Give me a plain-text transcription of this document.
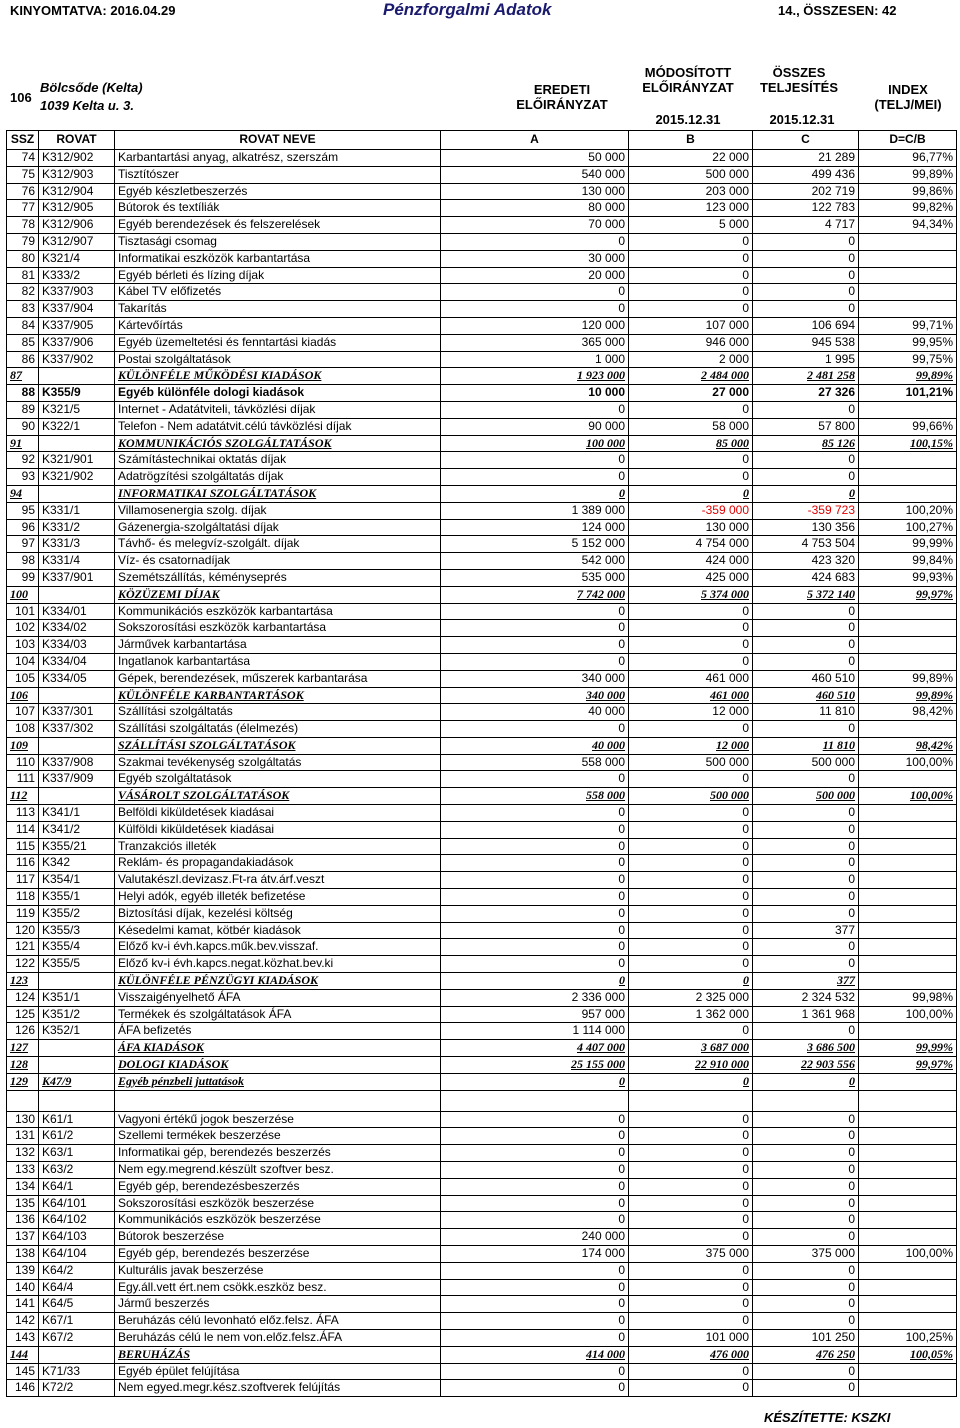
KINYOMTATVA: 2016.04.29	Pénzforgalmi Adatok	14., ÖSSZESEN: 42
106
Bölcsőde (Kelta)
1039 Kelta u. 3.
EREDETI ELŐIRÁNYZAT
MÓDOSÍTOTT ELŐIRÁNYZAT
2015.12.31
ÖSSZES TELJESÍTÉS
2015.12.31
INDEX (TELJ/MEI)
SSZ	ROVAT	ROVAT NEVE	A	B	C	D=C/B
74	K312/902	Karbantartási anyag, alkatrész, szerszám	50 000	22 000	21 289	96,77%
75	K312/903	Tisztítószer	540 000	500 000	499 436	99,89%
76	K312/904	Egyéb készletbeszerzés	130 000	203 000	202 719	99,86%
77	K312/905	Bútorok és textíliák	80 000	123 000	122 783	99,82%
78	K312/906	Egyéb berendezések és felszerelések	70 000	5 000	4 717	94,34%
79	K312/907	Tisztasági csomag	0	0	0	
80	K321/4	Informatikai eszközök karbantartása	30 000	0	0	
81	K333/2	Egyéb bérleti és lízing díjak	20 000	0	0	
82	K337/903	Kábel TV előfizetés	0	0	0	
83	K337/904	Takarítás	0	0	0	
84	K337/905	Kártevőírtás	120 000	107 000	106 694	99,71%
85	K337/906	Egyéb üzemeltetési és fenntartási kiadás	365 000	946 000	945 538	99,95%
86	K337/902	Postai szolgáltatások	1 000	2 000	1 995	99,75%
87		KÜLÖNFÉLE MŰKÖDÉSI KIADÁSOK	1 923 000	2 484 000	2 481 258	99,89%
88	K355/9	Egyéb különféle dologi kiadások	10 000	27 000	27 326	101,21%
89	K321/5	Internet - Adatátviteli, távközlési díjak	0	0	0	
90	K322/1	Telefon - Nem adatátvit.célú távközlési díjak	90 000	58 000	57 800	99,66%
91		KOMMUNIKÁCIÓS SZOLGÁLTATÁSOK	100 000	85 000	85 126	100,15%
92	K321/901	Számítástechnikai oktatás díjak	0	0	0	
93	K321/902	Adatrögzítési szolgáltatás díjak	0	0	0	
94		INFORMATIKAI SZOLGÁLTATÁSOK	0	0	0	
95	K331/1	Villamosenergia szolg. díjak	1 389 000	-359 000	-359 723	100,20%
96	K331/2	Gázenergia-szolgáltatási díjak	124 000	130 000	130 356	100,27%
97	K331/3	Távhő- és melegvíz-szolgált. díjak	5 152 000	4 754 000	4 753 504	99,99%
98	K331/4	Víz- és csatornadíjak	542 000	424 000	423 320	99,84%
99	K337/901	Szemétszállítás, kéményseprés	535 000	425 000	424 683	99,93%
100		KÖZÜZEMI DÍJAK	7 742 000	5 374 000	5 372 140	99,97%
101	K334/01	Kommunikációs eszközök karbantartása	0	0	0	
102	K334/02	Sokszorosítási eszközök karbantartása	0	0	0	
103	K334/03	Járművek karbantartása	0	0	0	
104	K334/04	Ingatlanok karbantartása	0	0	0	
105	K334/05	Gépek, berendezések, műszerek karbantarása	340 000	461 000	460 510	99,89%
106		KÜLÖNFÉLE KARBANTARTÁSOK	340 000	461 000	460 510	99,89%
107	K337/301	Szállítási szolgáltatás	40 000	12 000	11 810	98,42%
108	K337/302	Szállítási szolgáltatás (élelmezés)	0	0	0	
109		SZÁLLÍTÁSI SZOLGÁLTATÁSOK	40 000	12 000	11 810	98,42%
110	K337/908	Szakmai tevékenység szolgáltatás	558 000	500 000	500 000	100,00%
111	K337/909	Egyéb szolgáltatások	0	0	0	
112		VÁSÁROLT SZOLGÁLTATÁSOK	558 000	500 000	500 000	100,00%
113	K341/1	Belföldi kiküldetések kiadásai	0	0	0	
114	K341/2	Külföldi kiküldetések kiadásai	0	0	0	
115	K355/21	Tranzakciós illeték	0	0	0	
116	K342	Reklám- és propagandakiadások	0	0	0	
117	K354/1	Valutakészl.devizasz.Ft-ra átv.árf.veszt	0	0	0	
118	K355/1	Helyi adók, egyéb illeték befizetése	0	0	0	
119	K355/2	Biztosítási díjak, kezelési költség	0	0	0	
120	K355/3	Késedelmi kamat, kötbér kiadások	0	0	377	
121	K355/4	Előző kv-i évh.kapcs.műk.bev.visszaf.	0	0	0	
122	K355/5	Előző kv-i évh.kapcs.negat.közhat.bev.ki	0	0	0	
123		KÜLÖNFÉLE PÉNZÜGYI KIADÁSOK	0	0	377	
124	K351/1	Visszaigényelhető ÁFA	2 336 000	2 325 000	2 324 532	99,98%
125	K351/2	Termékek és szolgáltatások ÁFA	957 000	1 362 000	1 361 968	100,00%
126	K352/1	ÁFA befizetés	1 114 000	0	0	
127		ÁFA KIADÁSOK	4 407 000	3 687 000	3 686 500	99,99%
128		DOLOGI KIADÁSOK	25 155 000	22 910 000	22 903 556	99,97%
129	K47/9	Egyéb pénzbeli juttatások	0	0	0	

130	K61/1	Vagyoni értékű jogok beszerzése	0	0	0	
131	K61/2	Szellemi termékek beszerzése	0	0	0	
132	K63/1	Informatikai gép, berendezés beszerzés	0	0	0	
133	K63/2	Nem egy.megrend.készült szoftver besz.	0	0	0	
134	K64/1	Egyéb gép, berendezésbeszerzés	0	0	0	
135	K64/101	Sokszorosítási eszközök beszerzése	0	0	0	
136	K64/102	Kommunikációs eszközök beszerzése	0	0	0	
137	K64/103	Bútorok beszerzése	240 000	0	0	
138	K64/104	Egyéb gép, berendezés beszerzése	174 000	375 000	375 000	100,00%
139	K64/2	Kulturális javak beszerzése	0	0	0	
140	K64/4	Egy.áll.vett ért.nem csökk.eszköz besz.	0	0	0	
141	K64/5	Jármű beszerzés	0	0	0	
142	K67/1	Beruházás célú levonható előz.felsz. ÁFA	0	0	0	
143	K67/2	Beruházás célú le nem von.előz.felsz.ÁFA	0	101 000	101 250	100,25%
144		BERUHÁZÁS	414 000	476 000	476 250	100,05%
145	K71/33	Egyéb épület felújítása	0	0	0	
146	K72/2	Nem egyed.megr.kész.szoftverek felújítás	0	0	0	
KÉSZÍTETTE: KSZKI
